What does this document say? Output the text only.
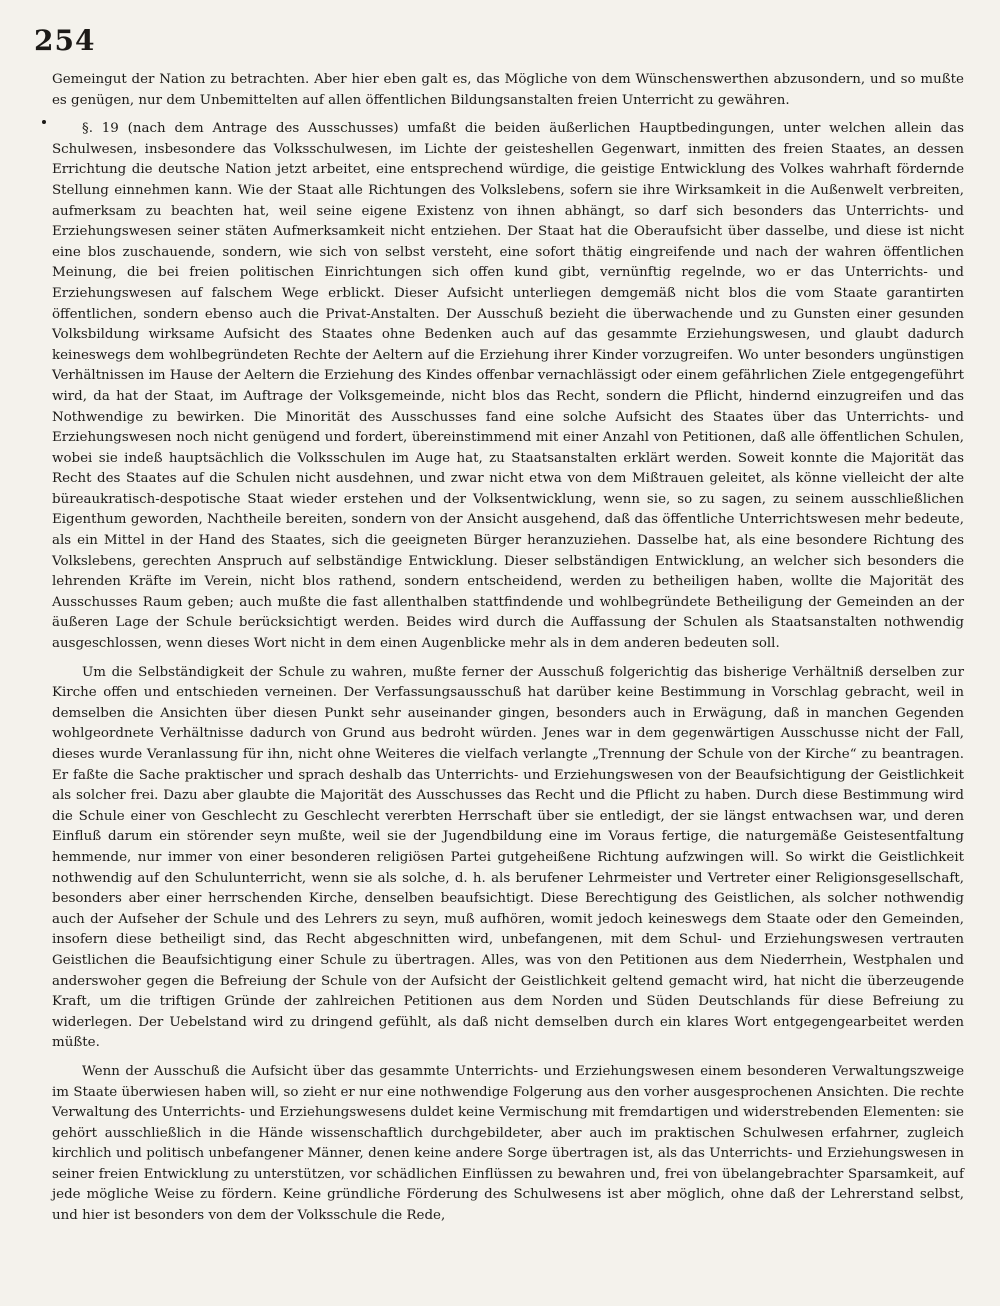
254

Gemeingut der Nation zu betrachten. Aber hier eben galt es, das Mögliche von dem Wünschenswerthen abzusondern, und so mußte es genügen, nur dem Unbemittelten auf allen öffentlichen Bildungsanstalten freien Unterricht zu gewähren.

§. 19 (nach dem Antrage des Ausschusses) umfaßt die beiden äußerlichen Hauptbedingungen, unter welchen allein das Schulwesen, insbesondere das Volksschulwesen, im Lichte der geisteshellen Gegenwart, inmitten des freien Staates, an dessen Errichtung die deutsche Nation jetzt arbeitet, eine entsprechend würdige, die geistige Entwicklung des Volkes wahrhaft fördernde Stellung einnehmen kann. Wie der Staat alle Richtungen des Volkslebens, sofern sie ihre Wirksamkeit in die Außenwelt verbreiten, aufmerksam zu beachten hat, weil seine eigene Existenz von ihnen abhängt, so darf sich besonders das Unterrichts- und Erziehungswesen seiner stäten Aufmerksamkeit nicht entziehen. Der Staat hat die Oberaufsicht über dasselbe, und diese ist nicht eine blos zuschauende, sondern, wie sich von selbst versteht, eine sofort thätig eingreifende und nach der wahren öffentlichen Meinung, die bei freien politischen Einrichtungen sich offen kund gibt, vernünftig regelnde, wo er das Unterrichts- und Erziehungswesen auf falschem Wege erblickt. Dieser Aufsicht unterliegen demgemäß nicht blos die vom Staate garantirten öffentlichen, sondern ebenso auch die Privat-Anstalten. Der Ausschuß bezieht die überwachende und zu Gunsten einer gesunden Volksbildung wirksame Aufsicht des Staates ohne Bedenken auch auf das gesammte Erziehungswesen, und glaubt dadurch keineswegs dem wohlbegründeten Rechte der Aeltern auf die Erziehung ihrer Kinder vorzugreifen. Wo unter besonders ungünstigen Verhältnissen im Hause der Aeltern die Erziehung des Kindes offenbar vernachlässigt oder einem gefährlichen Ziele entgegengeführt wird, da hat der Staat, im Auftrage der Volksgemeinde, nicht blos das Recht, sondern die Pflicht, hindernd einzugreifen und das Nothwendige zu bewirken. Die Minorität des Ausschusses fand eine solche Aufsicht des Staates über das Unterrichts- und Erziehungswesen noch nicht genügend und fordert, übereinstimmend mit einer Anzahl von Petitionen, daß alle öffentlichen Schulen, wobei sie indeß hauptsächlich die Volksschulen im Auge hat, zu Staatsanstalten erklärt werden. Soweit konnte die Majorität das Recht des Staates auf die Schulen nicht ausdehnen, und zwar nicht etwa von dem Mißtrauen geleitet, als könne vielleicht der alte büreaukratisch-despotische Staat wieder erstehen und der Volksentwicklung, wenn sie, so zu sagen, zu seinem ausschließlichen Eigenthum geworden, Nachtheile bereiten, sondern von der Ansicht ausgehend, daß das öffentliche Unterrichtswesen mehr bedeute, als ein Mittel in der Hand des Staates, sich die geeigneten Bürger heranzuziehen. Dasselbe hat, als eine besondere Richtung des Volkslebens, gerechten Anspruch auf selbständige Entwicklung. Dieser selbständigen Entwicklung, an welcher sich besonders die lehrenden Kräfte im Verein, nicht blos rathend, sondern entscheidend, werden zu betheiligen haben, wollte die Majorität des Ausschusses Raum geben; auch mußte die fast allenthalben stattfindende und wohlbegründete Betheiligung der Gemeinden an der äußeren Lage der Schule berücksichtigt werden. Beides wird durch die Auffassung der Schulen als Staatsanstalten nothwendig ausgeschlossen, wenn dieses Wort nicht in dem einen Augenblicke mehr als in dem anderen bedeuten soll.

Um die Selbständigkeit der Schule zu wahren, mußte ferner der Ausschuß folgerichtig das bisherige Verhältniß derselben zur Kirche offen und entschieden verneinen. Der Verfassungsausschuß hat darüber keine Bestimmung in Vorschlag gebracht, weil in demselben die Ansichten über diesen Punkt sehr auseinander gingen, besonders auch in Erwägung, daß in manchen Gegenden wohlgeordnete Verhältnisse dadurch von Grund aus bedroht würden. Jenes war in dem gegenwärtigen Ausschusse nicht der Fall, dieses wurde Veranlassung für ihn, nicht ohne Weiteres die vielfach verlangte „Trennung der Schule von der Kirche“ zu beantragen. Er faßte die Sache praktischer und sprach deshalb das Unterrichts- und Erziehungswesen von der Beaufsichtigung der Geistlichkeit als solcher frei. Dazu aber glaubte die Majorität des Ausschusses das Recht und die Pflicht zu haben. Durch diese Bestimmung wird die Schule einer von Geschlecht zu Geschlecht vererbten Herrschaft über sie entledigt, der sie längst entwachsen war, und deren Einfluß darum ein störender seyn mußte, weil sie der Jugendbildung eine im Voraus fertige, die naturgemäße Geistesentfaltung hemmende, nur immer von einer besonderen religiösen Partei gutgeheißene Richtung aufzwingen will. So wirkt die Geistlichkeit nothwendig auf den Schulunterricht, wenn sie als solche, d. h. als berufener Lehrmeister und Vertreter einer Religionsgesellschaft, besonders aber einer herrschenden Kirche, denselben beaufsichtigt. Diese Berechtigung des Geistlichen, als solcher nothwendig auch der Aufseher der Schule und des Lehrers zu seyn, muß aufhören, womit jedoch keineswegs dem Staate oder den Gemeinden, insofern diese betheiligt sind, das Recht abgeschnitten wird, unbefangenen, mit dem Schul- und Erziehungswesen vertrauten Geistlichen die Beaufsichtigung einer Schule zu übertragen. Alles, was von den Petitionen aus dem Niederrhein, Westphalen und anderswoher gegen die Befreiung der Schule von der Aufsicht der Geistlichkeit geltend gemacht wird, hat nicht die überzeugende Kraft, um die triftigen Gründe der zahlreichen Petitionen aus dem Norden und Süden Deutschlands für diese Befreiung zu widerlegen. Der Uebelstand wird zu dringend gefühlt, als daß nicht demselben durch ein klares Wort entgegengearbeitet werden müßte.

Wenn der Ausschuß die Aufsicht über das gesammte Unterrichts- und Erziehungswesen einem besonderen Verwaltungszweige im Staate überwiesen haben will, so zieht er nur eine nothwendige Folgerung aus den vorher ausgesprochenen Ansichten. Die rechte Verwaltung des Unterrichts- und Erziehungswesens duldet keine Vermischung mit fremdartigen und widerstrebenden Elementen: sie gehört ausschließlich in die Hände wissenschaftlich durchgebildeter, aber auch im praktischen Schulwesen erfahrner, zugleich kirchlich und politisch unbefangener Männer, denen keine andere Sorge übertragen ist, als das Unterrichts- und Erziehungswesen in seiner freien Entwicklung zu unterstützen, vor schädlichen Einflüssen zu bewahren und, frei von übelangebrachter Sparsamkeit, auf jede mögliche Weise zu fördern. Keine gründliche Förderung des Schulwesens ist aber möglich, ohne daß der Lehrerstand selbst, und hier ist besonders von dem der Volksschule die Rede,
